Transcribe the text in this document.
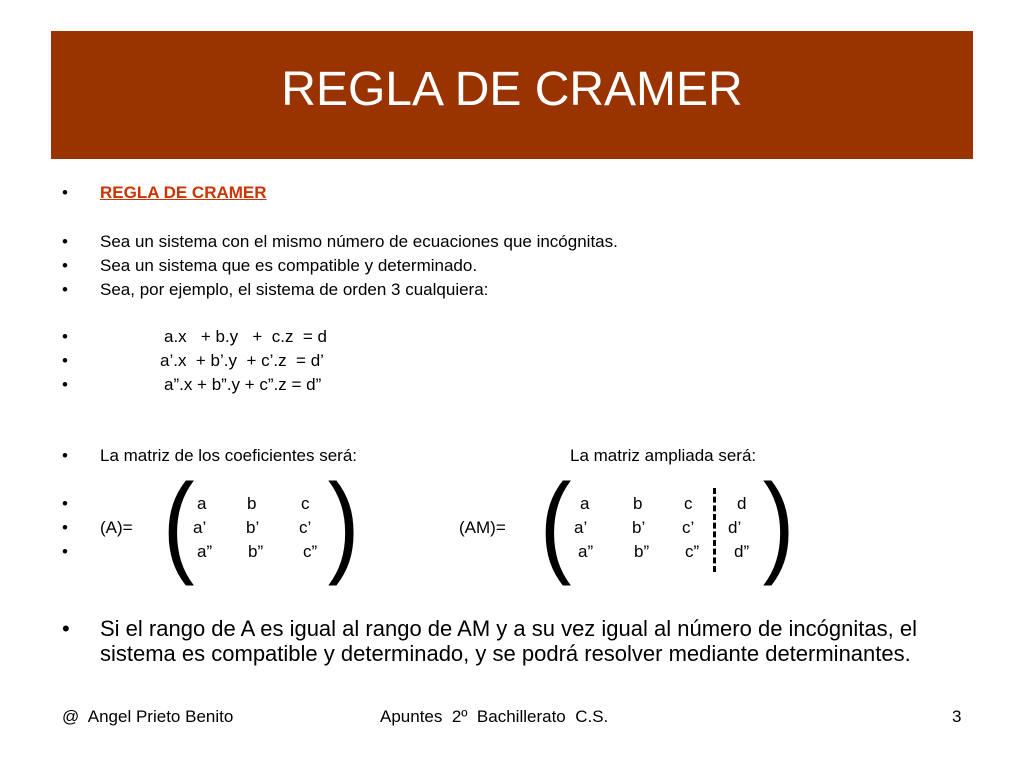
REGLA DE CRAMER
• REGLA DE CRAMER
• Sea un sistema con el mismo número de ecuaciones que incógnitas.
• Sea un sistema que es compatible y determinado.
• Sea, por ejemplo, el sistema de orden 3 cualquiera:
•	a.x   + b.y   +  c.z  = d
•	a’.x  + b’.y  + c’.z  = d’
•	a”.x + b”.y + c”.z = d”
• La matriz de los coeficientes será:	La matriz ampliada será:
•
•
•
(A)= ( )
a b	c
a’ b’ c’
a” b” c”
(AM)= ( )
a	b c	d
a’	b’ c’ d’
a” b” c” d”
• Si el rango de A es igual al rango de AM y a su vez igual al número de incógnitas, el sistema es compatible y determinado, y se podrá resolver mediante determinantes.
@  Angel Prieto Benito	Apuntes  2º  Bachillerato  C.S.	3
